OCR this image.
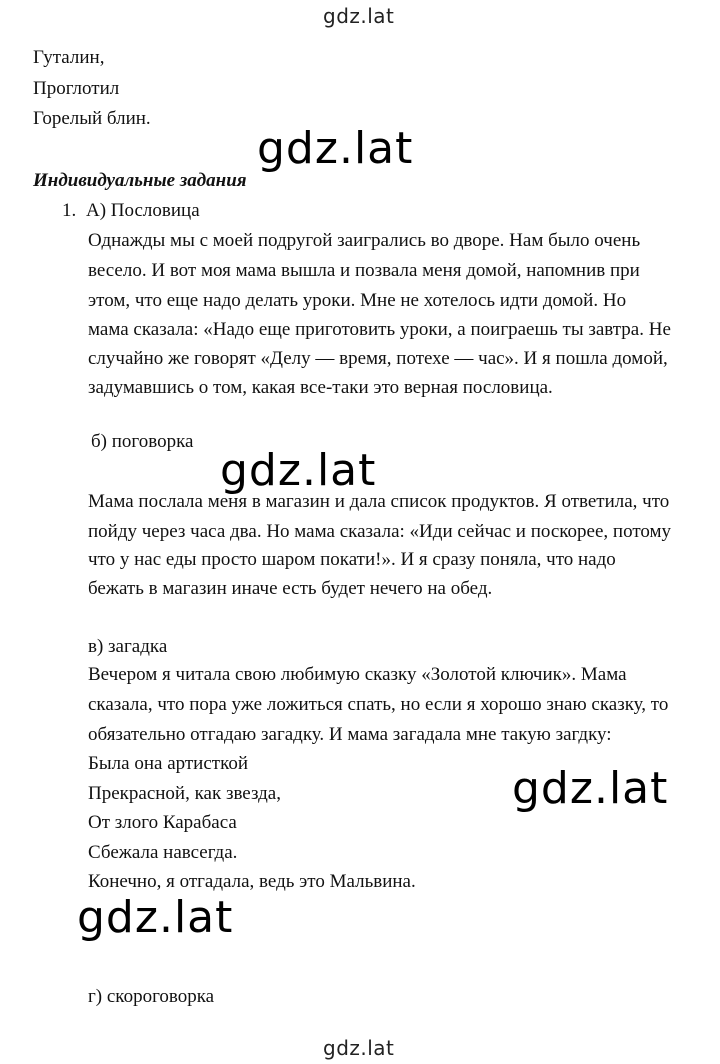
gdz.lat
Гуталин,
Проглотил
Горелый блин.
Индивидуальные задания
1. А) Пословица
Однажды мы с моей подругой заигрались во дворе. Нам было очень
весело. И вот моя мама вышла и позвала меня домой, напомнив при
этом, что еще надо делать уроки. Мне не хотелось идти домой. Но
мама сказала: «Надо еще приготовить уроки, а поиграешь ты завтра. Не
случайно же говорят «Делу — время, потехе — час». И я пошла домой,
задумавшись о том, какая все-таки это верная пословица.
б) поговорка
Мама послала меня в магазин и дала список продуктов. Я ответила, что
пойду через часа два. Но мама сказала: «Иди сейчас и поскорее, потому
что у нас еды просто шаром покати!». И я сразу поняла, что надо
бежать в магазин иначе есть будет нечего на обед.
в) загадка
Вечером я читала свою любимую сказку «Золотой ключик». Мама
сказала, что пора уже ложиться спать, но если я хорошо знаю сказку, то
обязательно отгадаю загадку. И мама загадала мне такую загдку:
Была она артисткой
Прекрасной, как звезда,
От злого Карабаса
Сбежала навсегда.
Конечно, я отгадала, ведь это Мальвина.
г) скороговорка
gdz.lat
gdz.lat
gdz.lat
gdz.lat
gdz.lat
